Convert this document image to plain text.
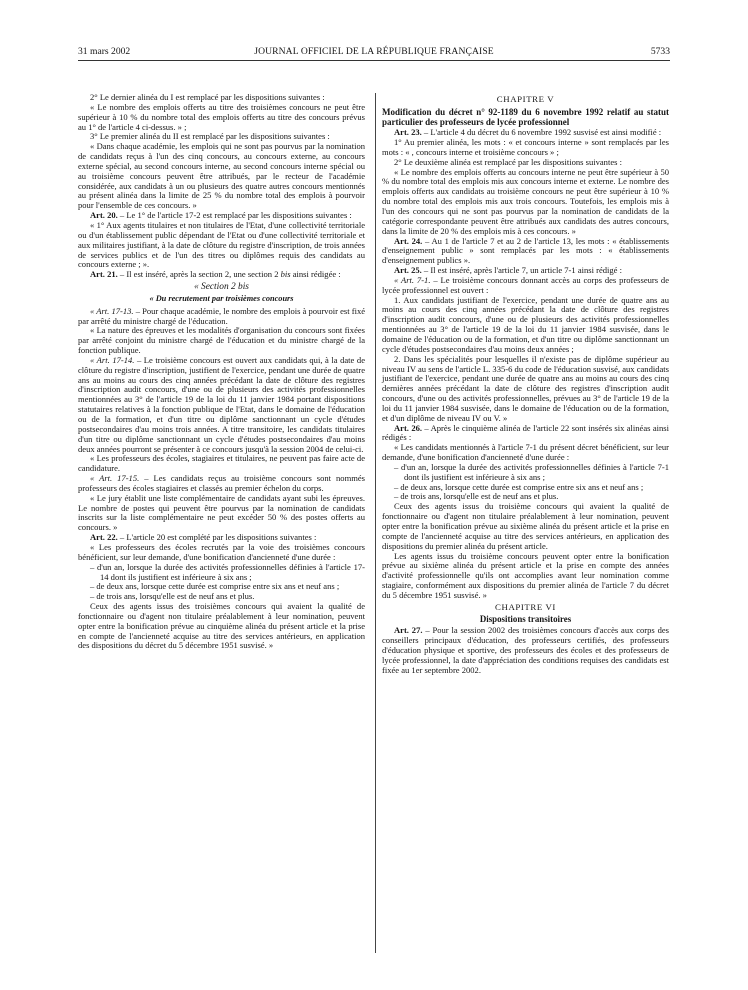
31 mars 2002	JOURNAL OFFICIEL DE LA RÉPUBLIQUE FRANÇAISE	5733

2° Le dernier alinéa du I est remplacé par les dispositions suivantes :

« Le nombre des emplois offerts au titre des troisièmes concours ne peut être supérieur à 10 % du nombre total des emplois offerts au titre des concours prévus au 1° de l'article 4 ci-dessus. » ;

3° Le premier alinéa du II est remplacé par les dispositions suivantes :

« Dans chaque académie, les emplois qui ne sont pas pourvus par la nomination de candidats reçus à l'un des cinq concours, au concours externe, au concours externe spécial, au second concours interne, au second concours interne spécial ou au troisième concours peuvent être attribués, par le recteur de l'académie considérée, aux candidats à un ou plusieurs des quatre autres concours mentionnés au présent alinéa dans la limite de 25 % du nombre total des emplois à pourvoir pour l'ensemble de ces concours. »

Art. 20. – Le 1° de l'article 17-2 est remplacé par les dispositions suivantes :

« 1° Aux agents titulaires et non titulaires de l'Etat, d'une collectivité territoriale ou d'un établissement public dépendant de l'Etat ou d'une collectivité territoriale et aux militaires justifiant, à la date de clôture du registre d'inscription, de trois années de services publics et de l'un des titres ou diplômes requis des candidats au concours externe ; ».

Art. 21. – Il est inséré, après la section 2, une section 2 bis ainsi rédigée :

« Section 2 bis

« Du recrutement par troisièmes concours

« Art. 17-13. – Pour chaque académie, le nombre des emplois à pourvoir est fixé par arrêté du ministre chargé de l'éducation.

« La nature des épreuves et les modalités d'organisation du concours sont fixées par arrêté conjoint du ministre chargé de l'éducation et du ministre chargé de la fonction publique.

« Art. 17-14. – Le troisième concours est ouvert aux candidats qui, à la date de clôture du registre d'inscription, justifient de l'exercice, pendant une durée de quatre ans au moins au cours des cinq années précédant la date de clôture des registres d'inscription audit concours, d'une ou de plusieurs des activités professionnelles mentionnées au 3° de l'article 19 de la loi du 11 janvier 1984 portant dispositions statutaires relatives à la fonction publique de l'Etat, dans le domaine de l'éducation ou de la formation, et d'un titre ou diplôme sanctionnant un cycle d'études postsecondaires d'au moins trois années. A titre transitoire, les candidats titulaires d'un titre ou diplôme sanctionnant un cycle d'études postsecondaires d'au moins deux années pourront se présenter à ce concours jusqu'à la session 2004 de celui-ci.

« Les professeurs des écoles, stagiaires et titulaires, ne peuvent pas faire acte de candidature.

« Art. 17-15. – Les candidats reçus au troisième concours sont nommés professeurs des écoles stagiaires et classés au premier échelon du corps.

« Le jury établit une liste complémentaire de candidats ayant subi les épreuves. Le nombre de postes qui peuvent être pourvus par la nomination de candidats inscrits sur la liste complémentaire ne peut excéder 50 % des postes offerts au concours. »

Art. 22. – L'article 20 est complété par les dispositions suivantes :

« Les professeurs des écoles recrutés par la voie des troisièmes concours bénéficient, sur leur demande, d'une bonification d'ancienneté d'une durée :

– d'un an, lorsque la durée des activités professionnelles définies à l'article 17-14 dont ils justifient est inférieure à six ans ;

– de deux ans, lorsque cette durée est comprise entre six ans et neuf ans ;

– de trois ans, lorsqu'elle est de neuf ans et plus.

Ceux des agents issus des troisièmes concours qui avaient la qualité de fonctionnaire ou d'agent non titulaire préalablement à leur nomination, peuvent opter entre la bonification prévue au cinquième alinéa du présent article et la prise en compte de l'ancienneté acquise au titre des services antérieurs, en application des dispositions du décret du 5 décembre 1951 susvisé. »

CHAPITRE V

Modification du décret n° 92-1189 du 6 novembre 1992 relatif au statut particulier des professeurs de lycée professionnel

Art. 23. – L'article 4 du décret du 6 novembre 1992 susvisé est ainsi modifié :

1° Au premier alinéa, les mots : « et concours interne » sont remplacés par les mots : « , concours interne et troisième concours » ;

2° Le deuxième alinéa est remplacé par les dispositions suivantes :

« Le nombre des emplois offerts au concours interne ne peut être supérieur à 50 % du nombre total des emplois mis aux concours interne et externe. Le nombre des emplois offerts aux candidats au troisième concours ne peut être supérieur à 10 % du nombre total des emplois mis aux trois concours. Toutefois, les emplois mis à l'un des concours qui ne sont pas pourvus par la nomination de candidats de la catégorie correspondante peuvent être attribués aux candidats des autres concours, dans la limite de 20 % des emplois mis à ces concours. »

Art. 24. – Au 1 de l'article 7 et au 2 de l'article 13, les mots : « établissements d'enseignement public » sont remplacés par les mots : « établissements d'enseignement publics ».

Art. 25. – Il est inséré, après l'article 7, un article 7-1 ainsi rédigé :

« Art. 7-1. – Le troisième concours donnant accès au corps des professeurs de lycée professionnel est ouvert :

1. Aux candidats justifiant de l'exercice, pendant une durée de quatre ans au moins au cours des cinq années précédant la date de clôture des registres d'inscription audit concours, d'une ou de plusieurs des activités professionnelles mentionnées au 3° de l'article 19 de la loi du 11 janvier 1984 susvisée, dans le domaine de l'éducation ou de la formation, et d'un titre ou diplôme sanctionnant un cycle d'études postsecondaires d'au moins deux années ;

2. Dans les spécialités pour lesquelles il n'existe pas de diplôme supérieur au niveau IV au sens de l'article L. 335-6 du code de l'éducation susvisé, aux candidats justifiant de l'exercice, pendant une durée de quatre ans au moins au cours des cinq dernières années précédant la date de clôture des registres d'inscription audit concours, d'une ou des activités professionnelles, prévues au 3° de l'article 19 de la loi du 11 janvier 1984 susvisée, dans le domaine de l'éducation ou de la formation, et d'un diplôme de niveau IV ou V. »

Art. 26. – Après le cinquième alinéa de l'article 22 sont insérés six alinéas ainsi rédigés :

« Les candidats mentionnés à l'article 7-1 du présent décret bénéficient, sur leur demande, d'une bonification d'ancienneté d'une durée :

– d'un an, lorsque la durée des activités professionnelles définies à l'article 7-1 dont ils justifient est inférieure à six ans ;

– de deux ans, lorsque cette durée est comprise entre six ans et neuf ans ;

– de trois ans, lorsqu'elle est de neuf ans et plus.

Ceux des agents issus du troisième concours qui avaient la qualité de fonctionnaire ou d'agent non titulaire préalablement à leur nomination, peuvent opter entre la bonification prévue au sixième alinéa du présent article et la prise en compte de l'ancienneté acquise au titre des services antérieurs, en application des dispositions du premier alinéa du présent article.

Les agents issus du troisième concours peuvent opter entre la bonification prévue au sixième alinéa du présent article et la prise en compte des années d'activité professionnelle qu'ils ont accomplies avant leur nomination comme stagiaire, conformément aux dispositions du premier alinéa de l'article 7 du décret du 5 décembre 1951 susvisé. »

CHAPITRE VI

Dispositions transitoires

Art. 27. – Pour la session 2002 des troisièmes concours d'accès aux corps des conseillers principaux d'éducation, des professeurs certifiés, des professeurs d'éducation physique et sportive, des professeurs des écoles et des professeurs de lycée professionnel, la date d'appréciation des conditions requises des candidats est fixée au 1er septembre 2002.
